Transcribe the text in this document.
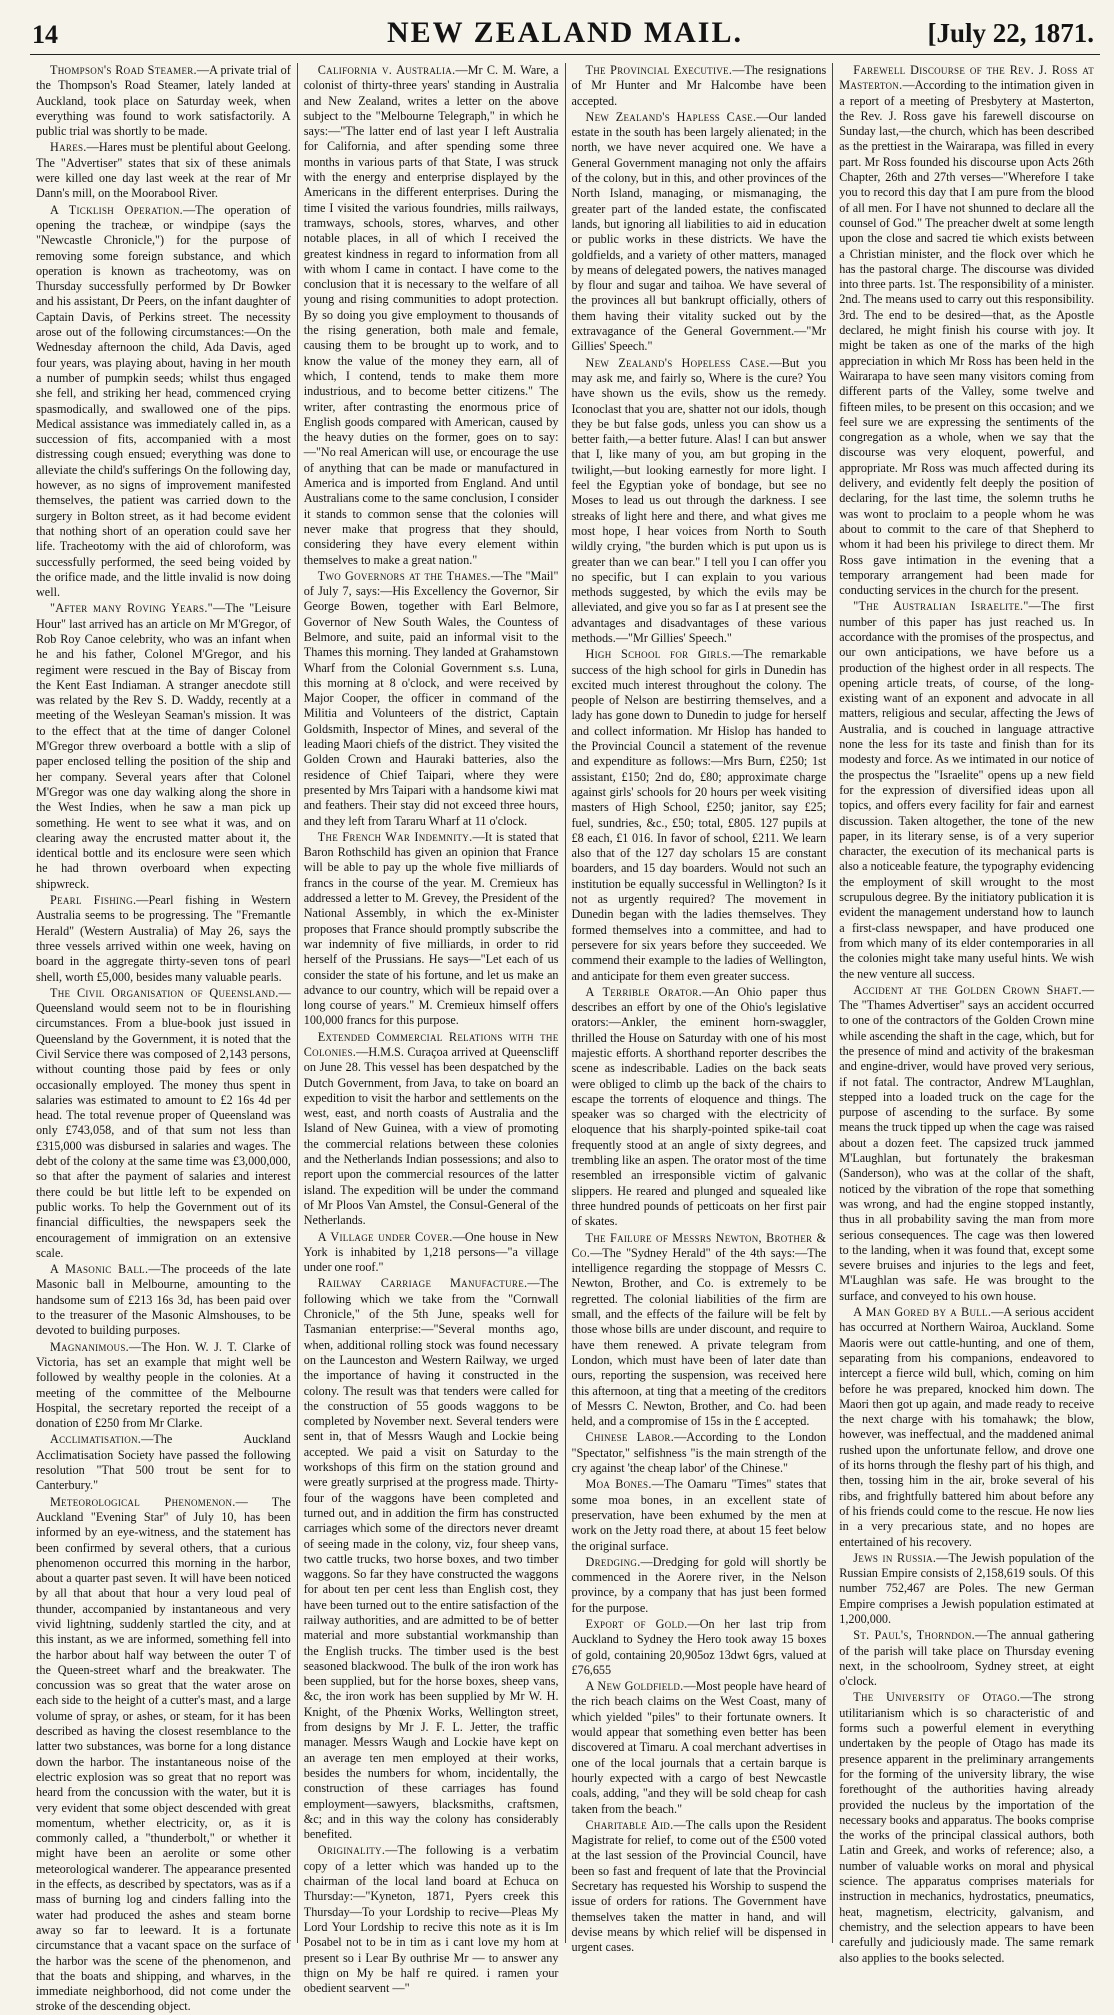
14	NEW ZEALAND MAIL.	[July 22, 1871.

Thompson's Road Steamer.—A private trial of the Thompson's Road Steamer, lately landed at Auckland, took place on Saturday week, when everything was found to work satisfactorily. A public trial was shortly to be made.

Hares.—Hares must be plentiful about Geelong. The "Advertiser" states that six of these animals were killed one day last week at the rear of Mr Dann's mill, on the Moorabool River.

A Ticklish Operation.—The operation of opening the tracheæ, or windpipe (says the "Newcastle Chronicle,") for the purpose of removing some foreign substance, and which operation is known as tracheotomy, was on Thursday successfully performed by Dr Bowker and his assistant, Dr Peers, on the infant daughter of Captain Davis, of Perkins street. The necessity arose out of the following circumstances:—On the Wednesday afternoon the child, Ada Davis, aged four years, was playing about, having in her mouth a number of pumpkin seeds; whilst thus engaged she fell, and striking her head, commenced crying spasmodically, and swallowed one of the pips. Medical assistance was immediately called in, as a succession of fits, accompanied with a most distressing cough ensued; everything was done to alleviate the child's sufferings On the following day, however, as no signs of improvement manifested themselves, the patient was carried down to the surgery in Bolton street, as it had become evident that nothing short of an operation could save her life. Tracheotomy with the aid of chloroform, was successfully performed, the seed being voided by the orifice made, and the little invalid is now doing well.

"After many Roving Years."—The "Leisure Hour" last arrived has an article on Mr M'Gregor, of Rob Roy Canoe celebrity, who was an infant when he and his father, Colonel M'Gregor, and his regiment were rescued in the Bay of Biscay from the Kent East Indiaman. A stranger anecdote still was related by the Rev S. D. Waddy, recently at a meeting of the Wesleyan Seaman's mission. It was to the effect that at the time of danger Colonel M'Gregor threw overboard a bottle with a slip of paper enclosed telling the position of the ship and her company. Several years after that Colonel M'Gregor was one day walking along the shore in the West Indies, when he saw a man pick up something. He went to see what it was, and on clearing away the encrusted matter about it, the identical bottle and its enclosure were seen which he had thrown overboard when expecting shipwreck.

Pearl Fishing.—Pearl fishing in Western Australia seems to be progressing. The "Fremantle Herald" (Western Australia) of May 26, says the three vessels arrived within one week, having on board in the aggregate thirty-seven tons of pearl shell, worth £5,000, besides many valuable pearls.

The Civil Organisation of Queensland.—Queensland would seem not to be in flourishing circumstances. From a blue-book just issued in Queensland by the Government, it is noted that the Civil Service there was composed of 2,143 persons, without counting those paid by fees or only occasionally employed. The money thus spent in salaries was estimated to amount to £2 16s 4d per head. The total revenue proper of Queensland was only £743,058, and of that sum not less than £315,000 was disbursed in salaries and wages. The debt of the colony at the same time was £3,000,000, so that after the payment of salaries and interest there could be but little left to be expended on public works. To help the Government out of its financial difficulties, the newspapers seek the encouragement of immigration on an extensive scale.

A Masonic Ball.—The proceeds of the late Masonic ball in Melbourne, amounting to the handsome sum of £213 16s 3d, has been paid over to the treasurer of the Masonic Almshouses, to be devoted to building purposes.

Magnanimous.—The Hon. W. J. T. Clarke of Victoria, has set an example that might well be followed by wealthy people in the colonies. At a meeting of the committee of the Melbourne Hospital, the secretary reported the receipt of a donation of £250 from Mr Clarke.

Acclimatisation.—The Auckland Acclimatisation Society have passed the following resolution "That 500 trout be sent for to Canterbury."

Meteorological Phenomenon.— The Auckland "Evening Star" of July 10, has been informed by an eye-witness, and the statement has been confirmed by several others, that a curious phenomenon occurred this morning in the harbor, about a quarter past seven. It will have been noticed by all that about that hour a very loud peal of thunder, accompanied by instantaneous and very vivid lightning, suddenly startled the city, and at this instant, as we are informed, something fell into the harbor about half way between the outer T of the Queen-street wharf and the breakwater. The concussion was so great that the water arose on each side to the height of a cutter's mast, and a large volume of spray, or ashes, or steam, for it has been described as having the closest resemblance to the latter two substances, was borne for a long distance down the harbor. The instantaneous noise of the electric explosion was so great that no report was heard from the concussion with the water, but it is very evident that some object descended with great momentum, whether electricity, or, as it is commonly called, a "thunderbolt," or whether it might have been an aerolite or some other meteorological wanderer. The appearance presented in the effects, as described by spectators, was as if a mass of burning log and cinders falling into the water had produced the ashes and steam borne away so far to leeward. It is a fortunate circumstance that a vacant space on the surface of the harbor was the scene of the phenomenon, and that the boats and shipping, and wharves, in the immediate neighborhood, did not come under the stroke of the descending object.

California v. Australia.—Mr C. M. Ware, a colonist of thirty-three years' standing in Australia and New Zealand, writes a letter on the above subject to the "Melbourne Telegraph," in which he says:—"The latter end of last year I left Australia for California, and after spending some three months in various parts of that State, I was struck with the energy and enterprise displayed by the Americans in the different enterprises. During the time I visited the various foundries, mills railways, tramways, schools, stores, wharves, and other notable places, in all of which I received the greatest kindness in regard to information from all with whom I came in contact. I have come to the conclusion that it is necessary to the welfare of all young and rising communities to adopt protection. By so doing you give employment to thousands of the rising generation, both male and female, causing them to be brought up to work, and to know the value of the money they earn, all of which, I contend, tends to make them more industrious, and to become better citizens." The writer, after contrasting the enormous price of English goods compared with American, caused by the heavy duties on the former, goes on to say:—"No real American will use, or encourage the use of anything that can be made or manufactured in America and is imported from England. And until Australians come to the same conclusion, I consider it stands to common sense that the colonies will never make that progress that they should, considering they have every element within themselves to make a great nation."

Two Governors at the Thames.—The "Mail" of July 7, says:—His Excellency the Governor, Sir George Bowen, together with Earl Belmore, Governor of New South Wales, the Countess of Belmore, and suite, paid an informal visit to the Thames this morning. They landed at Grahamstown Wharf from the Colonial Government s.s. Luna, this morning at 8 o'clock, and were received by Major Cooper, the officer in command of the Militia and Volunteers of the district, Captain Goldsmith, Inspector of Mines, and several of the leading Maori chiefs of the district. They visited the Golden Crown and Hauraki batteries, also the residence of Chief Taipari, where they were presented by Mrs Taipari with a handsome kiwi mat and feathers. Their stay did not exceed three hours, and they left from Tararu Wharf at 11 o'clock.

The French War Indemnity.—It is stated that Baron Rothschild has given an opinion that France will be able to pay up the whole five milliards of francs in the course of the year. M. Cremieux has addressed a letter to M. Grevey, the President of the National Assembly, in which the ex-Minister proposes that France should promptly subscribe the war indemnity of five milliards, in order to rid herself of the Prussians. He says—"Let each of us consider the state of his fortune, and let us make an advance to our country, which will be repaid over a long course of years." M. Cremieux himself offers 100,000 francs for this purpose.

Extended Commercial Relations with the Colonies.—H.M.S. Curaçoa arrived at Queenscliff on June 28. This vessel has been despatched by the Dutch Government, from Java, to take on board an expedition to visit the harbor and settlements on the west, east, and north coasts of Australia and the Island of New Guinea, with a view of promoting the commercial relations between these colonies and the Netherlands Indian possessions; and also to report upon the commercial resources of the latter island. The expedition will be under the command of Mr Ploos Van Amstel, the Consul-General of the Netherlands.

A Village under Cover.—One house in New York is inhabited by 1,218 persons—"a village under one roof."

Railway Carriage Manufacture.—The following which we take from the "Cornwall Chronicle," of the 5th June, speaks well for Tasmanian enterprise:—"Several months ago, when, additional rolling stock was found necessary on the Launceston and Western Railway, we urged the importance of having it constructed in the colony. The result was that tenders were called for the construction of 55 goods waggons to be completed by November next. Several tenders were sent in, that of Messrs Waugh and Lockie being accepted. We paid a visit on Saturday to the workshops of this firm on the station ground and were greatly surprised at the progress made. Thirty-four of the waggons have been completed and turned out, and in addition the firm has constructed carriages which some of the directors never dreamt of seeing made in the colony, viz, four sheep vans, two cattle trucks, two horse boxes, and two timber waggons. So far they have constructed the waggons for about ten per cent less than English cost, they have been turned out to the entire satisfaction of the railway authorities, and are admitted to be of better material and more substantial workmanship than the English trucks. The timber used is the best seasoned blackwood. The bulk of the iron work has been supplied, but for the horse boxes, sheep vans, &c, the iron work has been supplied by Mr W. H. Knight, of the Phœnix Works, Wellington street, from designs by Mr J. F. L. Jetter, the traffic manager. Messrs Waugh and Lockie have kept on an average ten men employed at their works, besides the numbers for whom, incidentally, the construction of these carriages has found employment—sawyers, blacksmiths, craftsmen, &c; and in this way the colony has considerably benefited.

Originality.—The following is a verbatim copy of a letter which was handed up to the chairman of the local land board at Echuca on Thursday:—"Kyneton, 1871, Pyers creek this Thursday—To your Lordship to recive—Pleas My Lord Your Lordship to recive this note as it is Im Posabel not to be in tim as i cant love my hom at present so i Lear By outhrise Mr — to answer any thign on My be half re quired. i ramen your obedient searvent —"

The Provincial Executive.—The resignations of Mr Hunter and Mr Halcombe have been accepted.

New Zealand's Hapless Case.—Our landed estate in the south has been largely alienated; in the north, we have never acquired one. We have a General Government managing not only the affairs of the colony, but in this, and other provinces of the North Island, managing, or mismanaging, the greater part of the landed estate, the confiscated lands, but ignoring all liabilities to aid in education or public works in these districts. We have the goldfields, and a variety of other matters, managed by means of delegated powers, the natives managed by flour and sugar and taihoa. We have several of the provinces all but bankrupt officially, others of them having their vitality sucked out by the extravagance of the General Government.—"Mr Gillies' Speech."

New Zealand's Hopeless Case.—But you may ask me, and fairly so, Where is the cure? You have shown us the evils, show us the remedy. Iconoclast that you are, shatter not our idols, though they be but false gods, unless you can show us a better faith,—a better future. Alas! I can but answer that I, like many of you, am but groping in the twilight,—but looking earnestly for more light. I feel the Egyptian yoke of bondage, but see no Moses to lead us out through the darkness. I see streaks of light here and there, and what gives me most hope, I hear voices from North to South wildly crying, "the burden which is put upon us is greater than we can bear." I tell you I can offer you no specific, but I can explain to you various methods suggested, by which the evils may be alleviated, and give you so far as I at present see the advantages and disadvantages of these various methods.—"Mr Gillies' Speech."

High School for Girls.—The remarkable success of the high school for girls in Dunedin has excited much interest throughout the colony. The people of Nelson are bestirring themselves, and a lady has gone down to Dunedin to judge for herself and collect information. Mr Hislop has handed to the Provincial Council a statement of the revenue and expenditure as follows:—Mrs Burn, £250; 1st assistant, £150; 2nd do, £80; approximate charge against girls' schools for 20 hours per week visiting masters of High School, £250; janitor, say £25; fuel, sundries, &c., £50; total, £805. 127 pupils at £8 each, £1 016. In favor of school, £211. We learn also that of the 127 day scholars 15 are constant boarders, and 15 day boarders. Would not such an institution be equally successful in Wellington? Is it not as urgently required? The movement in Dunedin began with the ladies themselves. They formed themselves into a committee, and had to persevere for six years before they succeeded. We commend their example to the ladies of Wellington, and anticipate for them even greater success.

A Terrible Orator.—An Ohio paper thus describes an effort by one of the Ohio's legislative orators:—Ankler, the eminent horn-swaggler, thrilled the House on Saturday with one of his most majestic efforts. A shorthand reporter describes the scene as indescribable. Ladies on the back seats were obliged to climb up the back of the chairs to escape the torrents of eloquence and things. The speaker was so charged with the electricity of eloquence that his sharply-pointed spike-tail coat frequently stood at an angle of sixty degrees, and trembling like an aspen. The orator most of the time resembled an irresponsible victim of galvanic slippers. He reared and plunged and squealed like three hundred pounds of petticoats on her first pair of skates.

The Failure of Messrs Newton, Brother & Co.—The "Sydney Herald" of the 4th says:—The intelligence regarding the stoppage of Messrs C. Newton, Brother, and Co. is extremely to be regretted. The colonial liabilities of the firm are small, and the effects of the failure will be felt by those whose bills are under discount, and require to have them renewed. A private telegram from London, which must have been of later date than ours, reporting the suspension, was received here this afternoon, at ting that a meeting of the creditors of Messrs C. Newton, Brother, and Co. had been held, and a compromise of 15s in the £ accepted.

Chinese Labor.—According to the London "Spectator," selfishness "is the main strength of the cry against 'the cheap labor' of the Chinese."

Moa Bones.—The Oamaru "Times" states that some moa bones, in an excellent state of preservation, have been exhumed by the men at work on the Jetty road there, at about 15 feet below the original surface.

Dredging.—Dredging for gold will shortly be commenced in the Aorere river, in the Nelson province, by a company that has just been formed for the purpose.

Export of Gold.—On her last trip from Auckland to Sydney the Hero took away 15 boxes of gold, containing 20,905oz 13dwt 6grs, valued at £76,655

A New Goldfield.—Most people have heard of the rich beach claims on the West Coast, many of which yielded "piles" to their fortunate owners. It would appear that something even better has been discovered at Timaru. A coal merchant advertises in one of the local journals that a certain barque is hourly expected with a cargo of best Newcastle coals, adding, "and they will be sold cheap for cash taken from the beach."

Charitable Aid.—The calls upon the Resident Magistrate for relief, to come out of the £500 voted at the last session of the Provincial Council, have been so fast and frequent of late that the Provincial Secretary has requested his Worship to suspend the issue of orders for rations. The Government have themselves taken the matter in hand, and will devise means by which relief will be dispensed in urgent cases.

Farewell Discourse of the Rev. J. Ross at Masterton.—According to the intimation given in a report of a meeting of Presbytery at Masterton, the Rev. J. Ross gave his farewell discourse on Sunday last,—the church, which has been described as the prettiest in the Wairarapa, was filled in every part. Mr Ross founded his discourse upon Acts 26th Chapter, 26th and 27th verses—"Wherefore I take you to record this day that I am pure from the blood of all men. For I have not shunned to declare all the counsel of God." The preacher dwelt at some length upon the close and sacred tie which exists between a Christian minister, and the flock over which he has the pastoral charge. The discourse was divided into three parts. 1st. The responsibility of a minister. 2nd. The means used to carry out this responsibility. 3rd. The end to be desired—that, as the Apostle declared, he might finish his course with joy. It might be taken as one of the marks of the high appreciation in which Mr Ross has been held in the Wairarapa to have seen many visitors coming from different parts of the Valley, some twelve and fifteen miles, to be present on this occasion; and we feel sure we are expressing the sentiments of the congregation as a whole, when we say that the discourse was very eloquent, powerful, and appropriate. Mr Ross was much affected during its delivery, and evidently felt deeply the position of declaring, for the last time, the solemn truths he was wont to proclaim to a people whom he was about to commit to the care of that Shepherd to whom it had been his privilege to direct them. Mr Ross gave intimation in the evening that a temporary arrangement had been made for conducting services in the church for the present.

"The Australian Israelite."—The first number of this paper has just reached us. In accordance with the promises of the prospectus, and our own anticipations, we have before us a production of the highest order in all respects. The opening article treats, of course, of the long-existing want of an exponent and advocate in all matters, religious and secular, affecting the Jews of Australia, and is couched in language attractive none the less for its taste and finish than for its modesty and force. As we intimated in our notice of the prospectus the "Israelite" opens up a new field for the expression of diversified ideas upon all topics, and offers every facility for fair and earnest discussion. Taken altogether, the tone of the new paper, in its literary sense, is of a very superior character, the execution of its mechanical parts is also a noticeable feature, the typography evidencing the employment of skill wrought to the most scrupulous degree. By the initiatory publication it is evident the management understand how to launch a first-class newspaper, and have produced one from which many of its elder contemporaries in all the colonies might take many useful hints. We wish the new venture all success.

Accident at the Golden Crown Shaft.—The "Thames Advertiser" says an accident occurred to one of the contractors of the Golden Crown mine while ascending the shaft in the cage, which, but for the presence of mind and activity of the brakesman and engine-driver, would have proved very serious, if not fatal. The contractor, Andrew M'Laughlan, stepped into a loaded truck on the cage for the purpose of ascending to the surface. By some means the truck tipped up when the cage was raised about a dozen feet. The capsized truck jammed M'Laughlan, but fortunately the brakesman (Sanderson), who was at the collar of the shaft, noticed by the vibration of the rope that something was wrong, and had the engine stopped instantly, thus in all probability saving the man from more serious consequences. The cage was then lowered to the landing, when it was found that, except some severe bruises and injuries to the legs and feet, M'Laughlan was safe. He was brought to the surface, and conveyed to his own house.

A Man Gored by a Bull.—A serious accident has occurred at Northern Wairoa, Auckland. Some Maoris were out cattle-hunting, and one of them, separating from his companions, endeavored to intercept a fierce wild bull, which, coming on him before he was prepared, knocked him down. The Maori then got up again, and made ready to receive the next charge with his tomahawk; the blow, however, was ineffectual, and the maddened animal rushed upon the unfortunate fellow, and drove one of its horns through the fleshy part of his thigh, and then, tossing him in the air, broke several of his ribs, and frightfully battered him about before any of his friends could come to the rescue. He now lies in a very precarious state, and no hopes are entertained of his recovery.

Jews in Russia.—The Jewish population of the Russian Empire consists of 2,158,619 souls. Of this number 752,467 are Poles. The new German Empire comprises a Jewish population estimated at 1,200,000.

St. Paul's, Thorndon.—The annual gathering of the parish will take place on Thursday evening next, in the schoolroom, Sydney street, at eight o'clock.

The University of Otago.—The strong utilitarianism which is so characteristic of and forms such a powerful element in everything undertaken by the people of Otago has made its presence apparent in the preliminary arrangements for the forming of the university library, the wise forethought of the authorities having already provided the nucleus by the importation of the necessary books and apparatus. The books comprise the works of the principal classical authors, both Latin and Greek, and works of reference; also, a number of valuable works on moral and physical science. The apparatus comprises materials for instruction in mechanics, hydrostatics, pneumatics, heat, magnetism, electricity, galvanism, and chemistry, and the selection appears to have been carefully and judiciously made. The same remark also applies to the books selected.
